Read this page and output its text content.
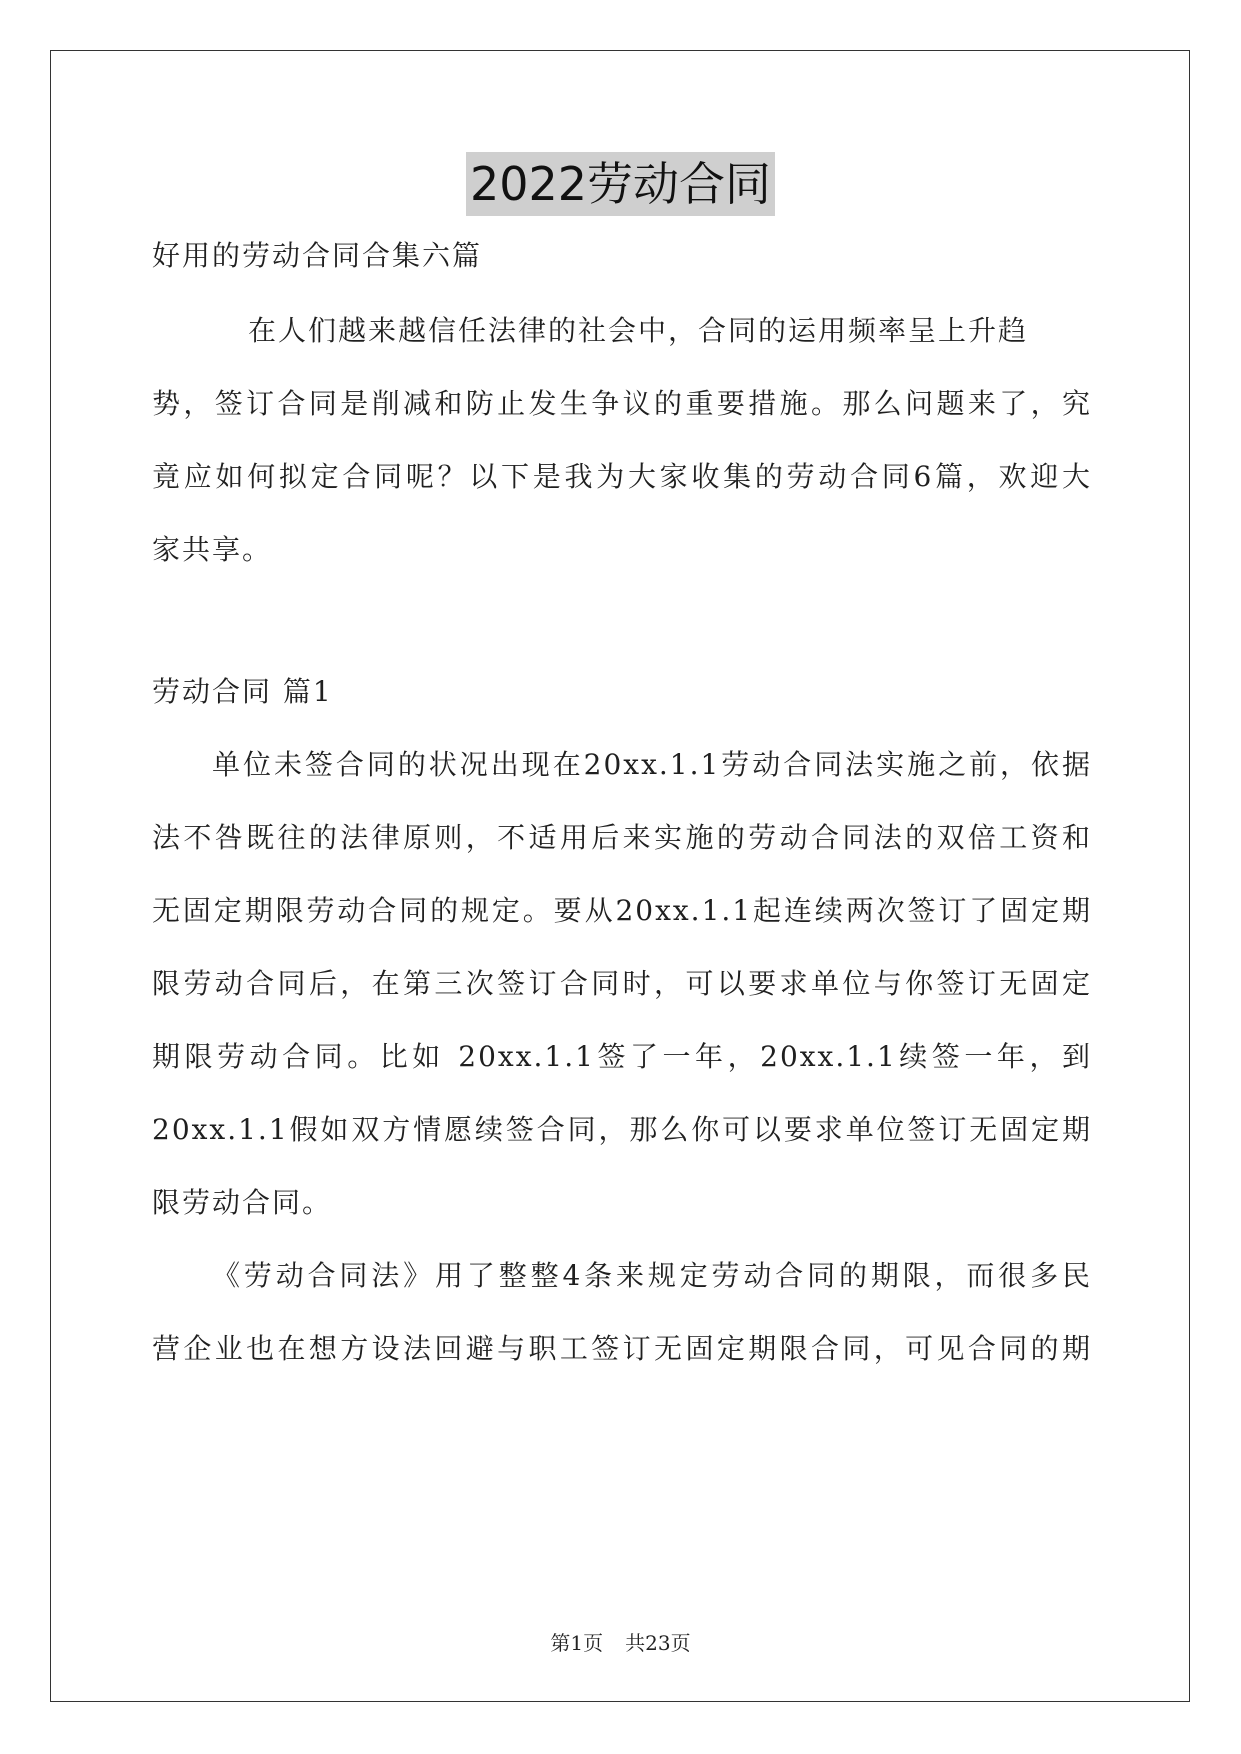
2022劳动合同
好用的劳动合同合集六篇
在人们越来越信任法律的社会中，合同的运用频率呈上升趋
势，签订合同是削减和防止发生争议的重要措施。那么问题来了，究
竟应如何拟定合同呢？以下是我为大家收集的劳动合同6篇，欢迎大
家共享。
劳动合同 篇1
单位未签合同的状况出现在20xx.1.1劳动合同法实施之前，依据
法不咎既往的法律原则，不适用后来实施的劳动合同法的双倍工资和
无固定期限劳动合同的规定。要从20xx.1.1起连续两次签订了固定期
限劳动合同后，在第三次签订合同时，可以要求单位与你签订无固定
期限劳动合同。比如 20xx.1.1签了一年，20xx.1.1续签一年，到
20xx.1.1假如双方情愿续签合同，那么你可以要求单位签订无固定期
限劳动合同。
《劳动合同法》用了整整4条来规定劳动合同的期限，而很多民
营企业也在想方设法回避与职工签订无固定期限合同，可见合同的期
第1页 共23页
